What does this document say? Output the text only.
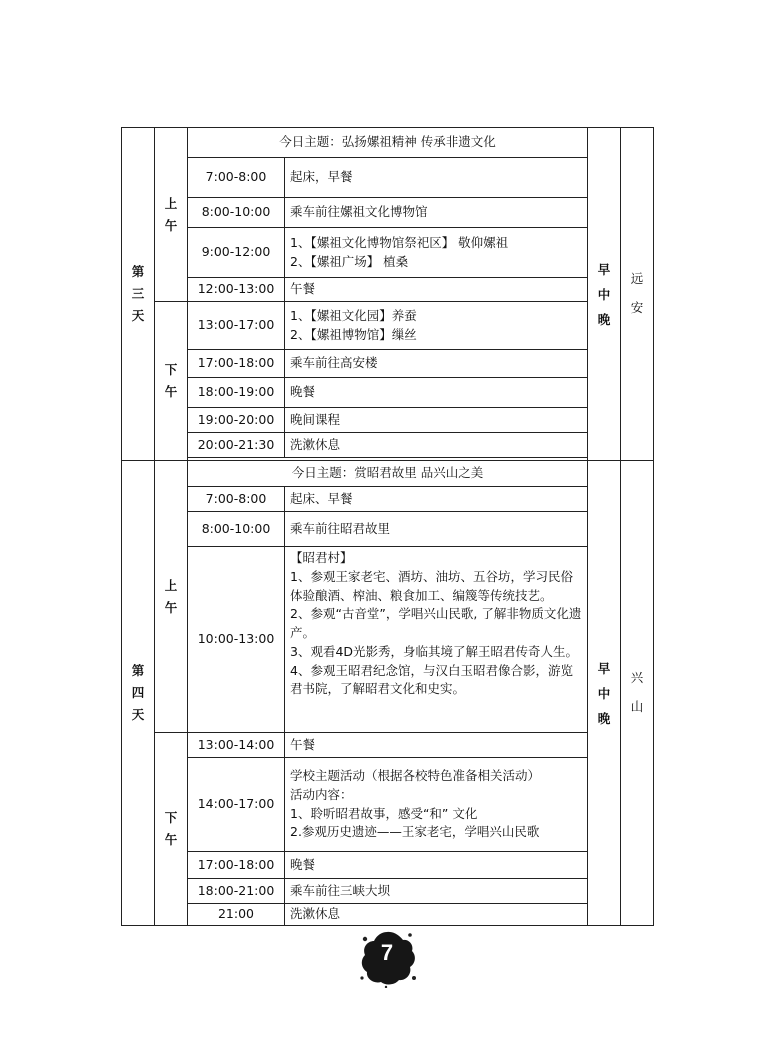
第三天	上午	今日主题：弘扬嫘祖精神 传承非遗文化		早中晚	远安
		7:00-8:00	起床，早餐		

		8:00-10:00	乘车前往嫘祖文化博物馆		

		9:00-12:00	1、【嫘祖文化博物馆祭祀区】 敬仰嫘祖
2、【嫘祖广场】 植桑		

		12:00-13:00	午餐		

	下午	13:00-17:00	1、【嫘祖文化园】养蚕
2、【嫘祖博物馆】缫丝		

		17:00-18:00	乘车前往高安楼		

		18:00-19:00	晚餐		

		19:00-20:00	晚间课程		

		20:00-21:30	洗漱休息		

第四天	上午	今日主题：赏昭君故里 品兴山之美		早中晚	兴山
		7:00-8:00	起床、早餐		

		8:00-10:00	乘车前往昭君故里		

		10:00-13:00	【昭君村】
1、参观王家老宅、酒坊、油坊、五谷坊，学习民俗体验酿酒、榨油、粮食加工、编篾等传统技艺。
2、参观“古音堂”，学唱兴山民歌, 了解非物质文化遗产。
3、观看4D光影秀，身临其境了解王昭君传奇人生。
4、参观王昭君纪念馆，与汉白玉昭君像合影，游览君书院，了解昭君文化和史实。		

	下午	13:00-14:00	午餐		

		14:00-17:00	学校主题活动（根据各校特色准备相关活动）
活动内容：
1、聆听昭君故事，感受“和” 文化
2.参观历史遗迹——王家老宅，学唱兴山民歌		

		17:00-18:00	晚餐		

		18:00-21:00	乘车前往三峡大坝		

		21:00	洗漱休息		
7
